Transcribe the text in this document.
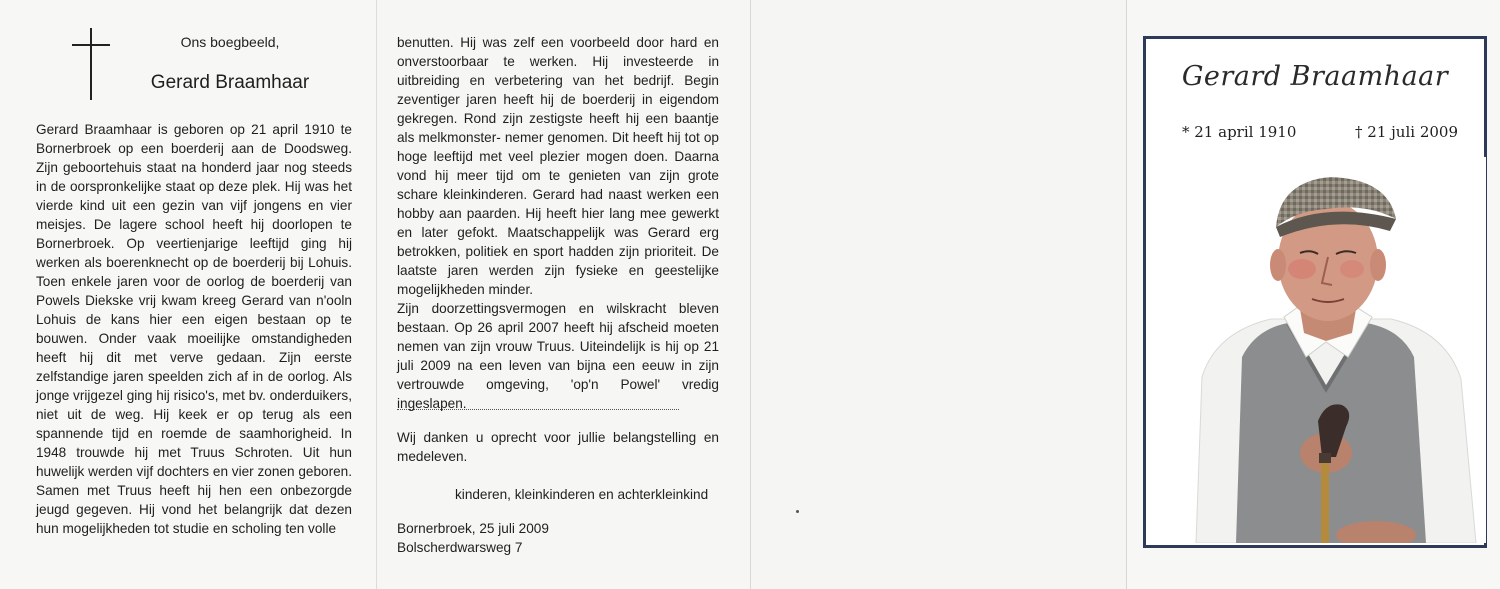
Ons boegbeeld,
Gerard Braamhaar

Gerard Braamhaar is geboren op 21 april 1910 te Bornerbroek op een boerderij aan de Doodsweg. Zijn geboortehuis staat na honderd jaar nog steeds in de oorspronkelijke staat op deze plek. Hij was het vierde kind uit een gezin van vijf jongens en vier meisjes. De lagere school heeft hij doorlopen te Bornerbroek. Op veertienjarige leeftijd ging hij werken als boerenknecht op de boerderij bij Lohuis. Toen enkele jaren voor de oorlog de boerderij van Powels Diekske vrij kwam kreeg Gerard van n'ooln Lohuis de kans hier een eigen bestaan op te bouwen. Onder vaak moeilijke omstandigheden heeft hij dit met verve gedaan. Zijn eerste zelfstandige jaren speelden zich af in de oorlog. Als jonge vrijgezel ging hij risico's, met bv. onderduikers, niet uit de weg. Hij keek er op terug als een spannende tijd en roemde de saamhorigheid. In 1948 trouwde hij met Truus Schroten. Uit hun huwelijk werden vijf dochters en vier zonen geboren. Samen met Truus heeft hij hen een onbezorgde jeugd gegeven. Hij vond het belangrijk dat dezen hun mogelijkheden tot studie en scholing ten volle

benutten. Hij was zelf een voorbeeld door hard en onverstoorbaar te werken. Hij investeerde in uitbreiding en verbetering van het bedrijf. Begin zeventiger jaren heeft hij de boerderij in eigendom gekregen. Rond zijn zestigste heeft hij een baantje als melkmonster- nemer genomen. Dit heeft hij tot op hoge leeftijd met veel plezier mogen doen. Daarna vond hij meer tijd om te genieten van zijn grote schare kleinkinderen. Gerard had naast werken een hobby aan paarden. Hij heeft hier lang mee gewerkt en later gefokt. Maatschappelijk was Gerard erg betrokken, politiek en sport hadden zijn prioriteit. De laatste jaren werden zijn fysieke en geestelijke mogelijkheden minder.

Zijn doorzettingsvermogen en wilskracht bleven bestaan. Op 26 april 2007 heeft hij afscheid moeten nemen van zijn vrouw Truus. Uiteindelijk is hij op 21 juli 2009 na een leven van bijna een eeuw in zijn vertrouwde omgeving, 'op'n Powel' vredig ingeslapen.

Wij danken u oprecht voor jullie belangstelling en medeleven.
kinderen, kleinkinderen en achterkleinkind
Bornerbroek, 25 juli 2009
Bolscherdwarsweg 7
Gerard Braamhaar
* 21 april 1910	† 21 juli 2009
